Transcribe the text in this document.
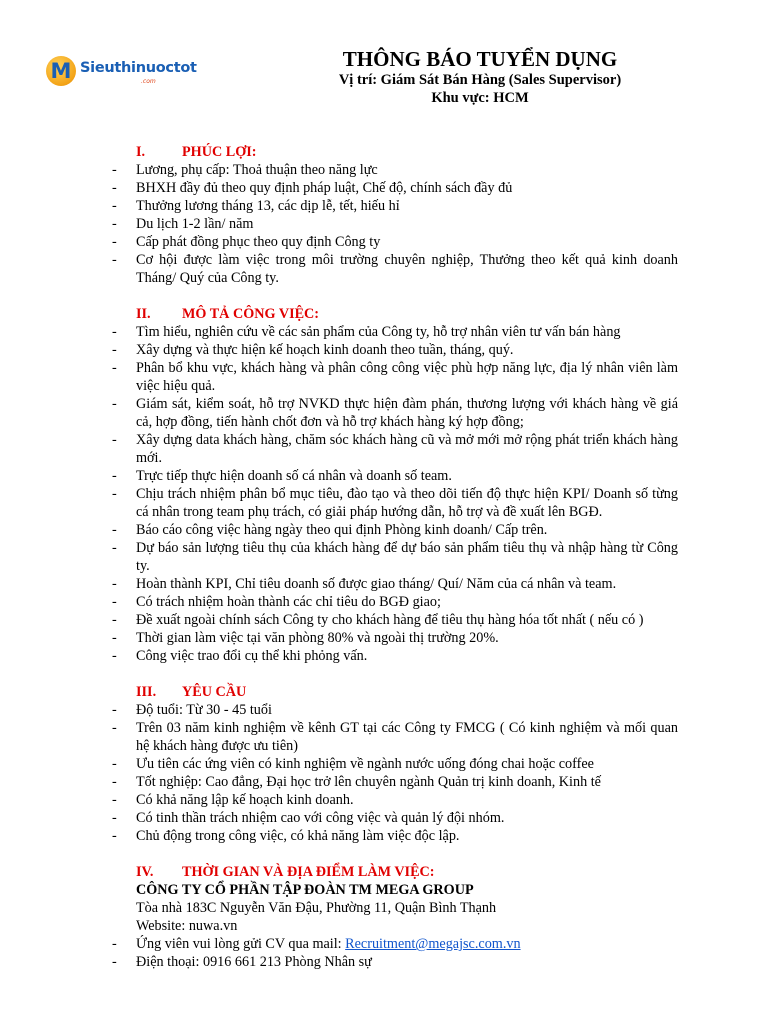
M Sieuthinuoctot
.com
THÔNG BÁO TUYỂN DỤNG
Vị trí: Giám Sát Bán Hàng (Sales Supervisor)
Khu vực: HCM
I.	PHÚC LỢI:
- Lương, phụ cấp: Thoả thuận theo năng lực
- BHXH đầy đủ theo quy định pháp luật, Chế độ, chính sách đầy đủ
- Thưởng lương tháng 13, các dịp lễ, tết, hiếu hỉ
- Du lịch 1-2 lần/ năm
- Cấp phát đồng phục theo quy định Công ty
- Cơ hội được làm việc trong môi trường chuyên nghiệp, Thưởng theo kết quả kinh doanh Tháng/ Quý của Công ty.
II. MÔ TẢ CÔNG VIỆC:
- Tìm hiểu, nghiên cứu về các sản phẩm của Công ty, hỗ trợ nhân viên tư vấn bán hàng
- Xây dựng và thực hiện kế hoạch kinh doanh theo tuần, tháng, quý.
- Phân bổ khu vực, khách hàng và phân công công việc phù hợp năng lực, địa lý nhân viên làm việc hiệu quả.
- Giám sát, kiểm soát, hỗ trợ NVKD thực hiện đàm phán, thương lượng với khách hàng về giá cả, hợp đồng, tiến hành chốt đơn và hỗ trợ khách hàng ký hợp đồng;
- Xây dựng data khách hàng, chăm sóc khách hàng cũ và mở mới mở rộng phát triển khách hàng mới.
- Trực tiếp thực hiện doanh số cá nhân và doanh số team.
- Chịu trách nhiệm phân bổ mục tiêu, đào tạo và theo dõi tiến độ thực hiện KPI/ Doanh số từng cá nhân trong team phụ trách, có giải pháp hướng dẫn, hỗ trợ và đề xuất lên BGĐ.
- Báo cáo công việc hàng ngày theo qui định Phòng kinh doanh/ Cấp trên.
- Dự báo sản lượng tiêu thụ của khách hàng để dự báo sản phẩm tiêu thụ và nhập hàng từ Công ty.
- Hoàn thành KPI, Chỉ tiêu doanh số được giao tháng/ Quí/ Năm của cá nhân và team.
- Có trách nhiệm hoàn thành các chỉ tiêu do BGĐ giao;
- Đề xuất ngoài chính sách Công ty cho khách hàng để tiêu thụ hàng hóa tốt nhất ( nếu có )
- Thời gian làm việc tại văn phòng 80% và ngoài thị trường 20%.
- Công việc trao đổi cụ thể khi phỏng vấn.
III. YÊU CẦU
- Độ tuổi: Từ 30 - 45 tuổi
- Trên 03 năm kinh nghiệm về kênh GT tại các Công ty FMCG ( Có kinh nghiệm và mối quan hệ khách hàng được ưu tiên)
- Ưu tiên các ứng viên có kinh nghiệm về ngành nước uống đóng chai hoặc coffee
- Tốt nghiệp: Cao đẳng, Đại học trở lên chuyên ngành Quản trị kinh doanh, Kinh tế
- Có khả năng lập kế hoạch kinh doanh.
- Có tinh thần trách nhiệm cao với công việc và quản lý đội nhóm.
- Chủ động trong công việc, có khả năng làm việc độc lập.
IV. THỜI GIAN VÀ ĐỊA ĐIỂM LÀM VIỆC:
CÔNG TY CỔ PHẦN TẬP ĐOÀN TM MEGA GROUP
Tòa nhà 183C Nguyễn Văn Đậu, Phường 11, Quận Bình Thạnh
Website: nuwa.vn
- Ứng viên vui lòng gửi CV qua mail: Recruitment@megajsc.com.vn
- Điện thoại: 0916 661 213 Phòng Nhân sự
